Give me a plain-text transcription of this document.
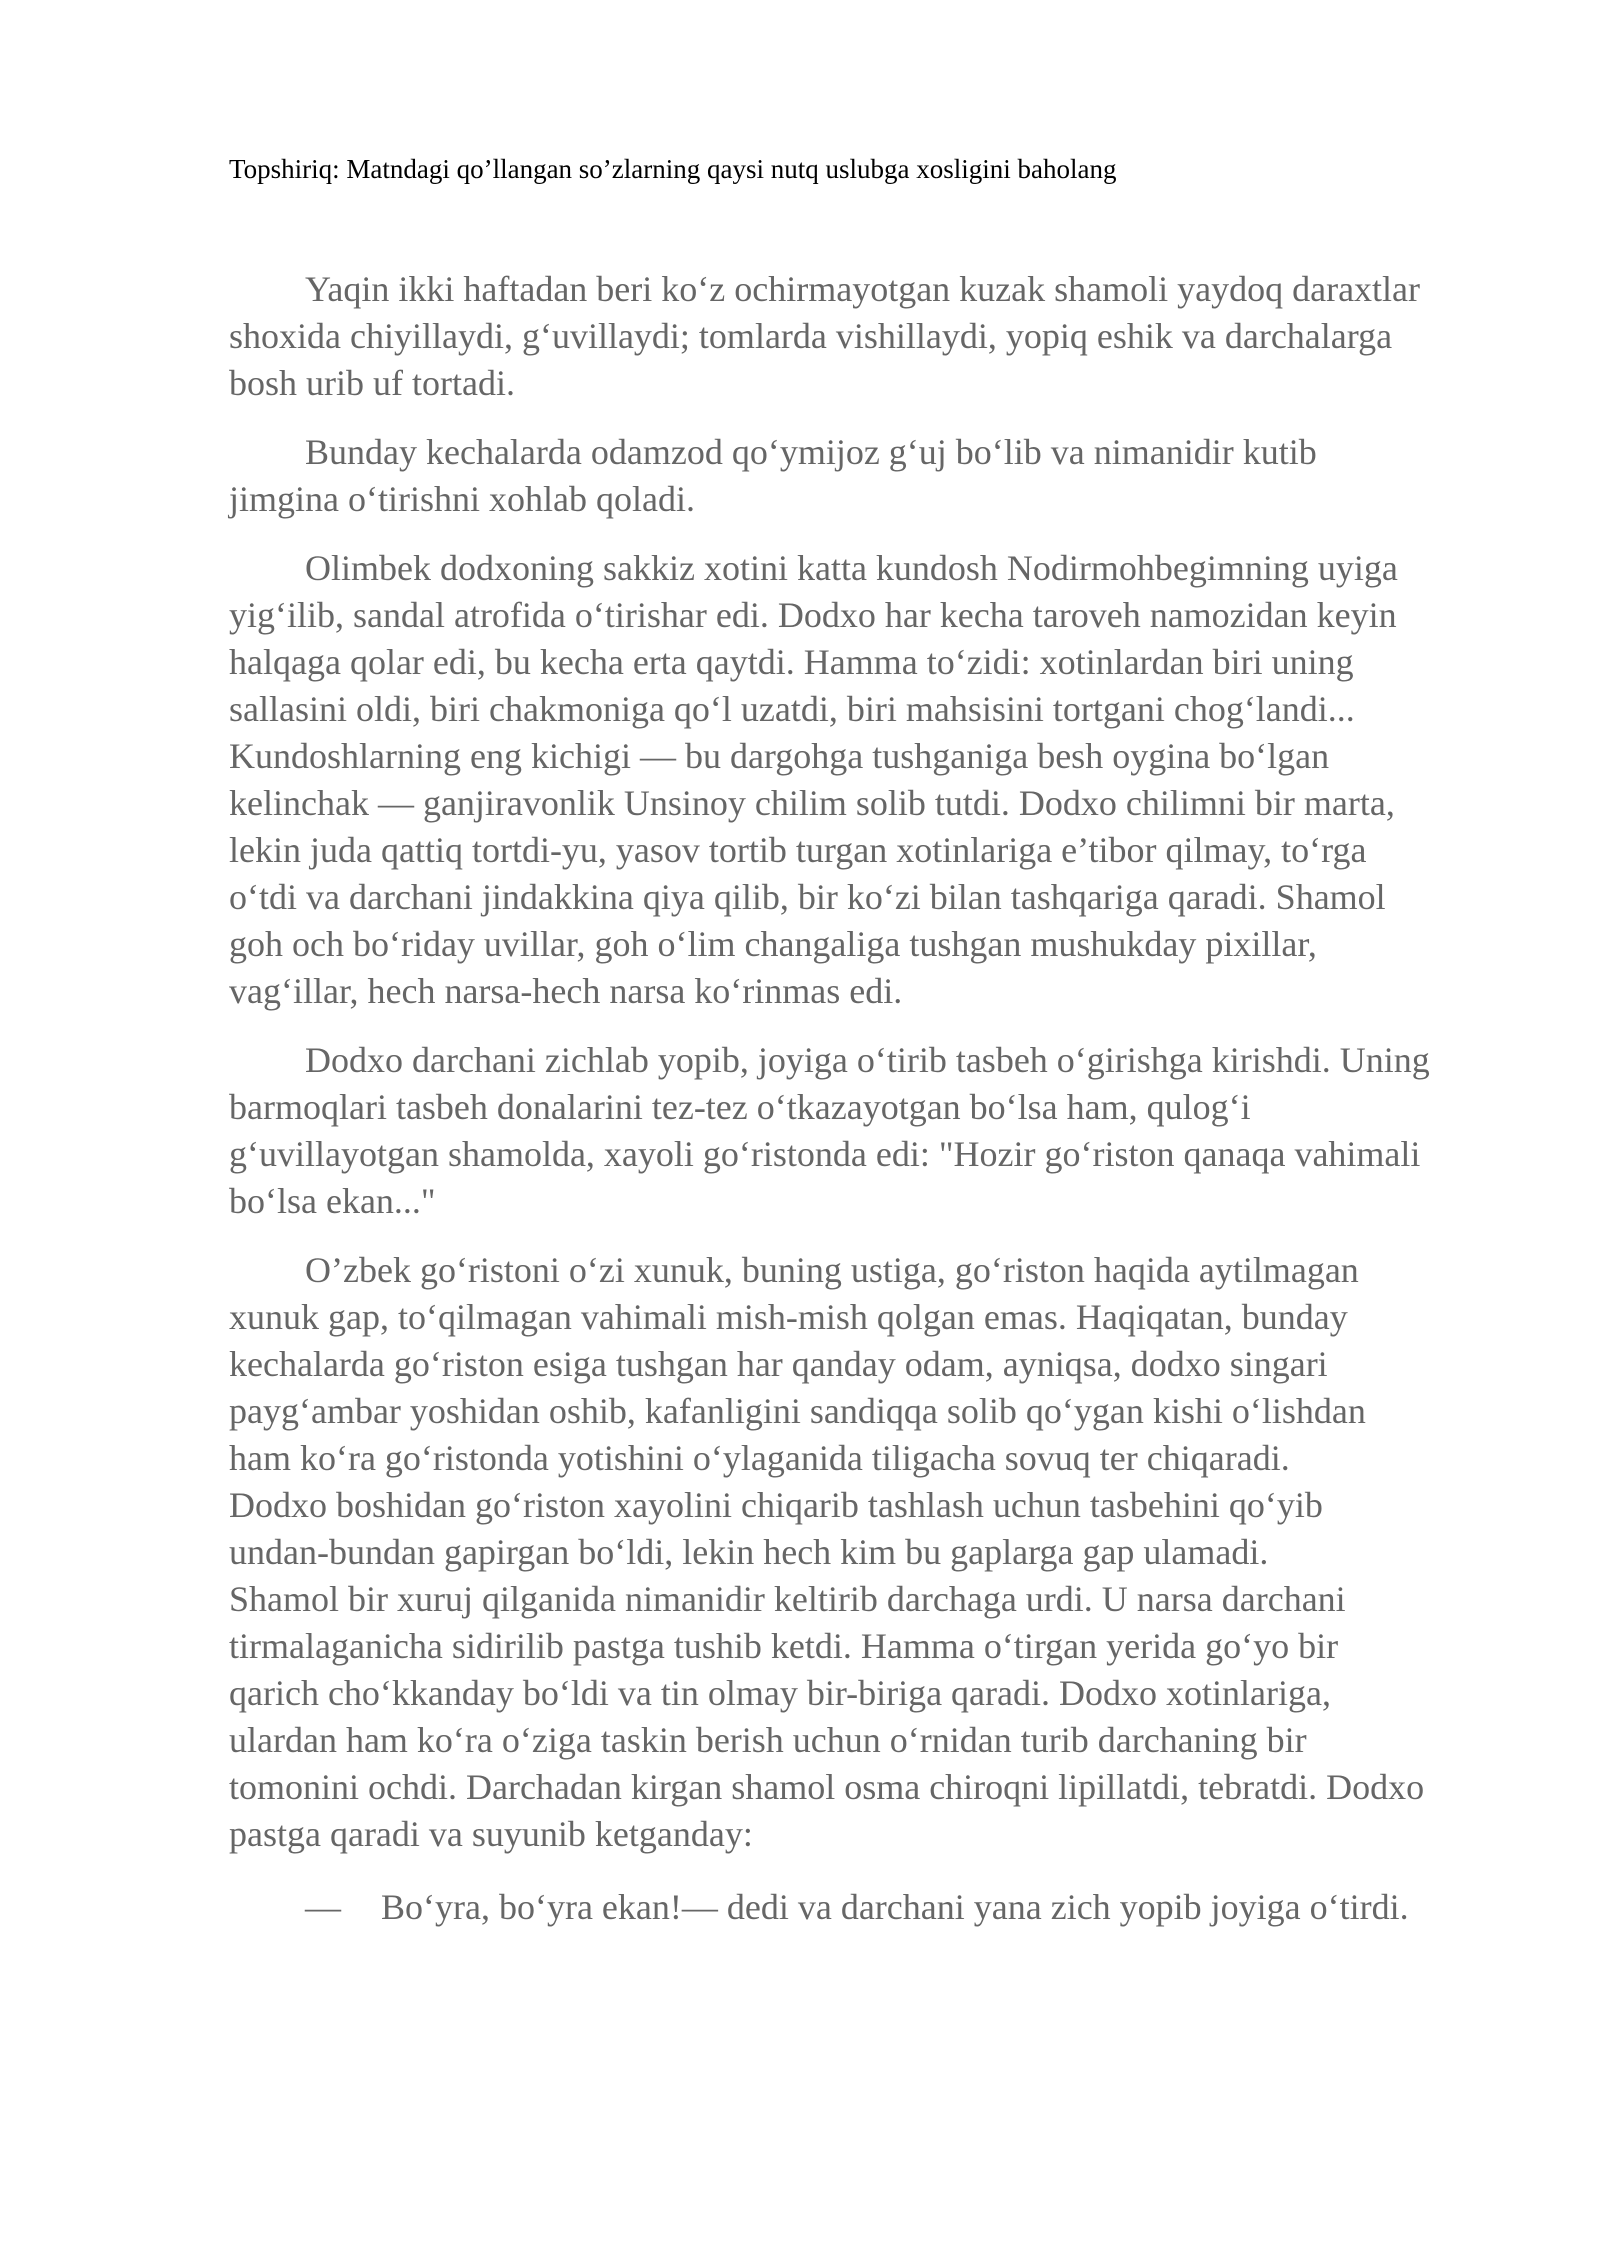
Topshiriq: Matndagi qo’llangan so’zlarning qaysi nutq uslubga xosligini baholang

Yaqin ikki haftadan beri ko‘z ochirmayotgan kuzak shamoli yaydoq daraxtlar
shoxida chiyillaydi, g‘uvillaydi; tomlarda vishillaydi, yopiq eshik va darchalarga
bosh urib uf tortadi.

Bunday kechalarda odamzod qo‘ymijoz g‘uj bo‘lib va nimanidir kutib
jimgina o‘tirishni xohlab qoladi.

Olimbek dodxoning sakkiz xotini katta kundosh Nodirmohbegimning uyiga
yig‘ilib, sandal atrofida o‘tirishar edi. Dodxo har kecha taroveh namozidan keyin
halqaga qolar edi, bu kecha erta qaytdi. Hamma to‘zidi: xotinlardan biri uning
sallasini oldi, biri chakmoniga qo‘l uzatdi, biri mahsisini tortgani chog‘landi...
Kundoshlarning eng kichigi — bu dargohga tushganiga besh oygina bo‘lgan
kelinchak — ganjiravonlik Unsinoy chilim solib tutdi. Dodxo chilimni bir marta,
lekin juda qattiq tortdi-yu, yasov tortib turgan xotinlariga e’tibor qilmay, to‘rga
o‘tdi va darchani jindakkina qiya qilib, bir ko‘zi bilan tashqariga qaradi. Shamol
goh och bo‘riday uvillar, goh o‘lim changaliga tushgan mushukday pixillar,
vag‘illar, hech narsa-hech narsa ko‘rinmas edi.

Dodxo darchani zichlab yopib, joyiga o‘tirib tasbeh o‘girishga kirishdi. Uning
barmoqlari tasbeh donalarini tez-tez o‘tkazayotgan bo‘lsa ham, qulog‘i
g‘uvillayotgan shamolda, xayoli go‘ristonda edi: "Hozir go‘riston qanaqa vahimali
bo‘lsa ekan..."

O’zbek go‘ristoni o‘zi xunuk, buning ustiga, go‘riston haqida aytilmagan
xunuk gap, to‘qilmagan vahimali mish-mish qolgan emas. Haqiqatan, bunday
kechalarda go‘riston esiga tushgan har qanday odam, ayniqsa, dodxo singari
payg‘ambar yoshidan oshib, kafanligini sandiqqa solib qo‘ygan kishi o‘lishdan
ham ko‘ra go‘ristonda yotishini o‘ylaganida tiligacha sovuq ter chiqaradi.
Dodxo boshidan go‘riston xayolini chiqarib tashlash uchun tasbehini qo‘yib
undan-bundan gapirgan bo‘ldi, lekin hech kim bu gaplarga gap ulamadi.
Shamol bir xuruj qilganida nimanidir keltirib darchaga urdi. U narsa darchani
tirmalaganicha sidirilib pastga tushib ketdi. Hamma o‘tirgan yerida go‘yo bir
qarich cho‘kkanday bo‘ldi va tin olmay bir-biriga qaradi. Dodxo xotinlariga,
ulardan ham ko‘ra o‘ziga taskin berish uchun o‘rnidan turib darchaning bir
tomonini ochdi. Darchadan kirgan shamol osma chiroqni lipillatdi, tebratdi. Dodxo
pastga qaradi va suyunib ketganday:

— Bo‘yra, bo‘yra ekan!— dedi va darchani yana zich yopib joyiga o‘tirdi.
